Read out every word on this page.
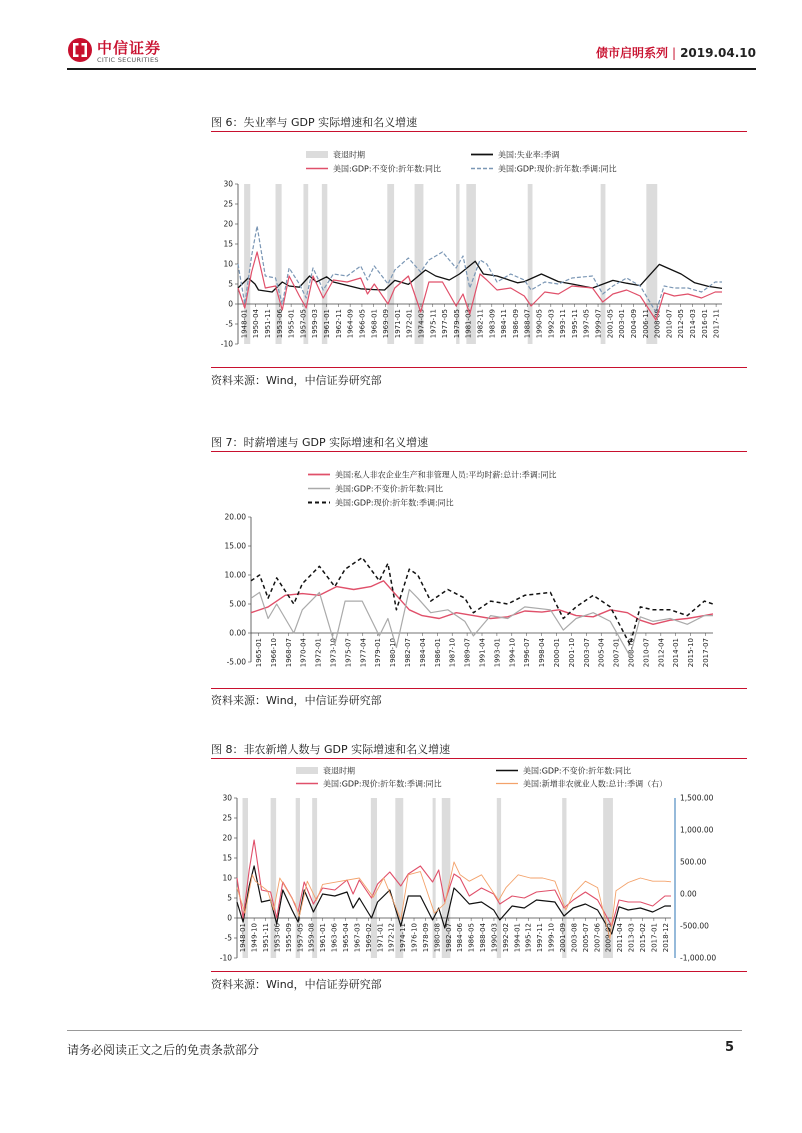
中信证券
CITIC SECURITIES	债市启明系列 | 2019.04.10
图 6：失业率与 GDP 实际增速和名义增速
30
25
20
15
10
5
0
-5
-10
1948-01 1950-04 1951-11 1953-06 1955-01 1957-05 1959-03 1961-01 1962-11 1964-09 1966-05 1968-01 1969-09 1971-01 1972-01 1974-03 1975-11 1977-05 1979-05 1981-03 1982-11 1983-09 1984-11 1986-09 1988-07 1990-05 1992-03 1993-11 1995-11 1997-05 1999-07 2001-05 2003-01 2004-09 2006-11 2008-09 2010-07 2012-05 2014-03 2016-01 2017-11
衰退时期	美国:失业率:季调
美国:GDP:不变价:折年数:同比	美国:GDP:现价:折年数:季调:同比
资料来源：Wind，中信证券研究部
图 7：时薪增速与 GDP 实际增速和名义增速
20.00
15.00
10.00
5.00
0.00
-5.00 1965-01 1966-10 1968-07 1970-04 1972-01 1973-10 1975-07 1977-04 1979-01 1980-10 1982-07 1984-04 1986-01 1987-10 1989-07 1991-04 1993-01 1994-10 1996-07 1998-04 2000-01 2001-10 2003-07 2005-04 2007-01 2008-10 2010-07 2012-04 2014-01 2015-10 2017-07
美国:私人非农企业生产和非管理人员:平均时薪:总计:季调:同比
美国:GDP:不变价:折年数:同比
美国:GDP:现价:折年数:季调:同比
资料来源：Wind，中信证券研究部
图 8：非农新增人数与 GDP 实际增速和名义增速
30
25
20
15
10
5
0
-5
-10
1,500.00
1,000.00
500.00
0.00
-500.00
-1,000.00
1948-01 1949-10 1951-11 1953-06 1955-09 1957-05 1959-08 1961-01 1963-06 1965-04 1967-03 1969-02 1971-01 1972-12 1974-11 1976-10 1978-09 1980-08 1982-07 1984-06 1986-05 1988-04 1990-03 1992-02 1994-01 1995-12 1997-11 1999-10 2001-09 2003-08 2005-07 2007-06 2009-05 2011-04 2013-03 2015-02 2017-01 2018-12
衰退时期	美国:GDP:不变价:折年数:同比
美国:GDP:现价:折年数:季调:同比	美国:新增非农就业人数:总计:季调（右）
资料来源：Wind，中信证券研究部
请务必阅读正文之后的免责条款部分	5
